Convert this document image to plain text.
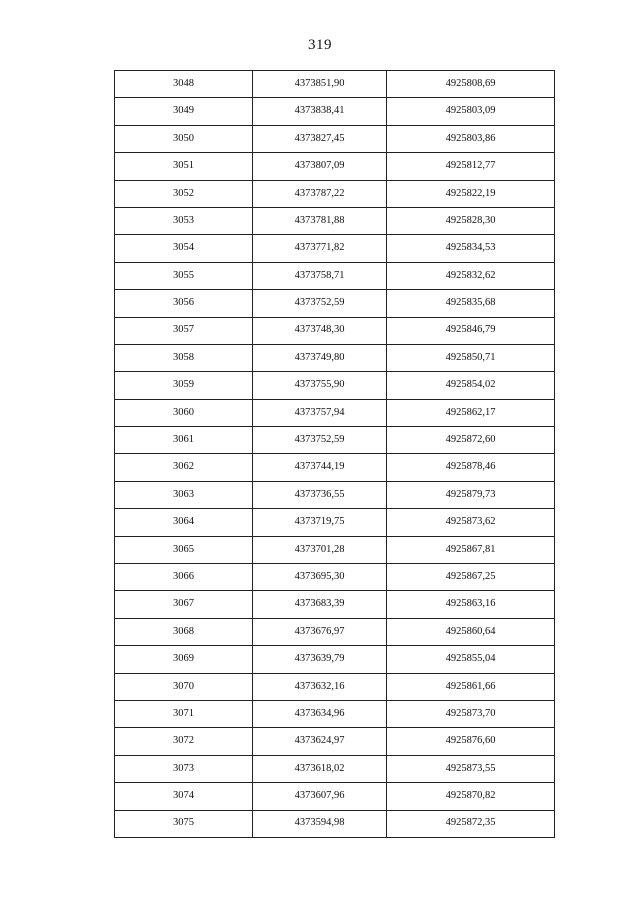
319
3048	4373851,90	4925808,69
3049	4373838,41	4925803,09
3050	4373827,45	4925803,86
3051	4373807,09	4925812,77
3052	4373787,22	4925822,19
3053	4373781,88	4925828,30
3054	4373771,82	4925834,53
3055	4373758,71	4925832,62
3056	4373752,59	4925835,68
3057	4373748,30	4925846,79
3058	4373749,80	4925850,71
3059	4373755,90	4925854,02
3060	4373757,94	4925862,17
3061	4373752,59	4925872,60
3062	4373744,19	4925878,46
3063	4373736,55	4925879,73
3064	4373719,75	4925873,62
3065	4373701,28	4925867,81
3066	4373695,30	4925867,25
3067	4373683,39	4925863,16
3068	4373676,97	4925860,64
3069	4373639,79	4925855,04
3070	4373632,16	4925861,66
3071	4373634,96	4925873,70
3072	4373624,97	4925876,60
3073	4373618,02	4925873,55
3074	4373607,96	4925870,82
3075	4373594,98	4925872,35
